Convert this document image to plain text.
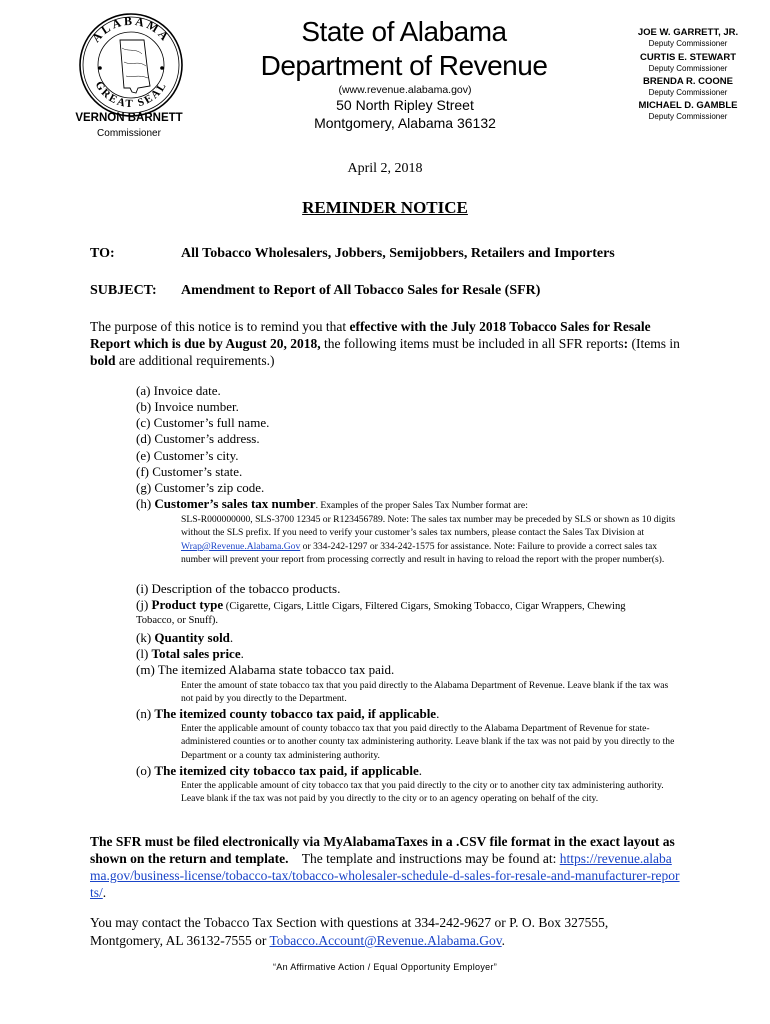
ALABAMA
GREAT SEAL
VERNON BARNETT
Commissioner
State of Alabama
Department of Revenue
(www.revenue.alabama.gov)
50 North Ripley Street
Montgomery, Alabama 36132
JOE W. GARRETT, JR.
Deputy Commissioner
CURTIS E. STEWART
Deputy Commissioner
BRENDA R. COONE
Deputy Commissioner
MICHAEL D. GAMBLE
Deputy Commissioner
April 2, 2018
REMINDER NOTICE
TO:	All Tobacco Wholesalers, Jobbers, Semijobbers, Retailers and Importers
SUBJECT: Amendment to Report of All Tobacco Sales for Resale (SFR)
The purpose of this notice is to remind you that effective with the July 2018 Tobacco Sales for Resale Report which is due by August 20, 2018, the following items must be included in all SFR reports: (Items in bold are additional requirements.)
(a) Invoice date.
(b) Invoice number.
(c) Customer’s full name.
(d) Customer’s address.
(e) Customer’s city.
(f) Customer’s state.
(g) Customer’s zip code.
(h) Customer’s sales tax number. Examples of the proper Sales Tax Number format are:
SLS-R000000000, SLS-3700 12345 or R123456789. Note: The sales tax number may be preceded by SLS or shown as 10 digits without the SLS prefix. If you need to verify your customer’s sales tax numbers, please contact the Sales Tax Division at Wrap@Revenue.Alabama.Gov or 334-242-1297 or 334-242-1575 for assistance. Note: Failure to provide a correct sales tax number will prevent your report from processing correctly and result in having to reload the report with the proper number(s).
(i) Description of the tobacco products.
(j) Product type (Cigarette, Cigars, Little Cigars, Filtered Cigars, Smoking Tobacco, Cigar Wrappers, Chewing
Tobacco, or Snuff).
(k) Quantity sold.
(l) Total sales price.
(m) The itemized Alabama state tobacco tax paid.
Enter the amount of state tobacco tax that you paid directly to the Alabama Department of Revenue. Leave blank if the tax was not paid by you directly to the Department.
(n) The itemized county tobacco tax paid, if applicable.
Enter the applicable amount of county tobacco tax that you paid directly to the Alabama Department of Revenue for state-administered counties or to another county tax administering authority. Leave blank if the tax was not paid by you directly to the Department or a county tax administering authority.
(o) The itemized city tobacco tax paid, if applicable.
Enter the applicable amount of city tobacco tax that you paid directly to the city or to another city tax administering authority. Leave blank if the tax was not paid by you directly to the city or to an agency operating on behalf of the city.
The SFR must be filed electronically via MyAlabamaTaxes in a .CSV file format in the exact layout as shown on the return and template.    The template and instructions may be found at: https://revenue.alabama.gov/business-license/tobacco-tax/tobacco-wholesaler-schedule-d-sales-for-resale-and-manufacturer-reports/.
You may contact the Tobacco Tax Section with questions at 334-242-9627 or P. O. Box 327555, Montgomery, AL 36132-7555 or Tobacco.Account@Revenue.Alabama.Gov.
“An Affirmative Action / Equal Opportunity Employer”
